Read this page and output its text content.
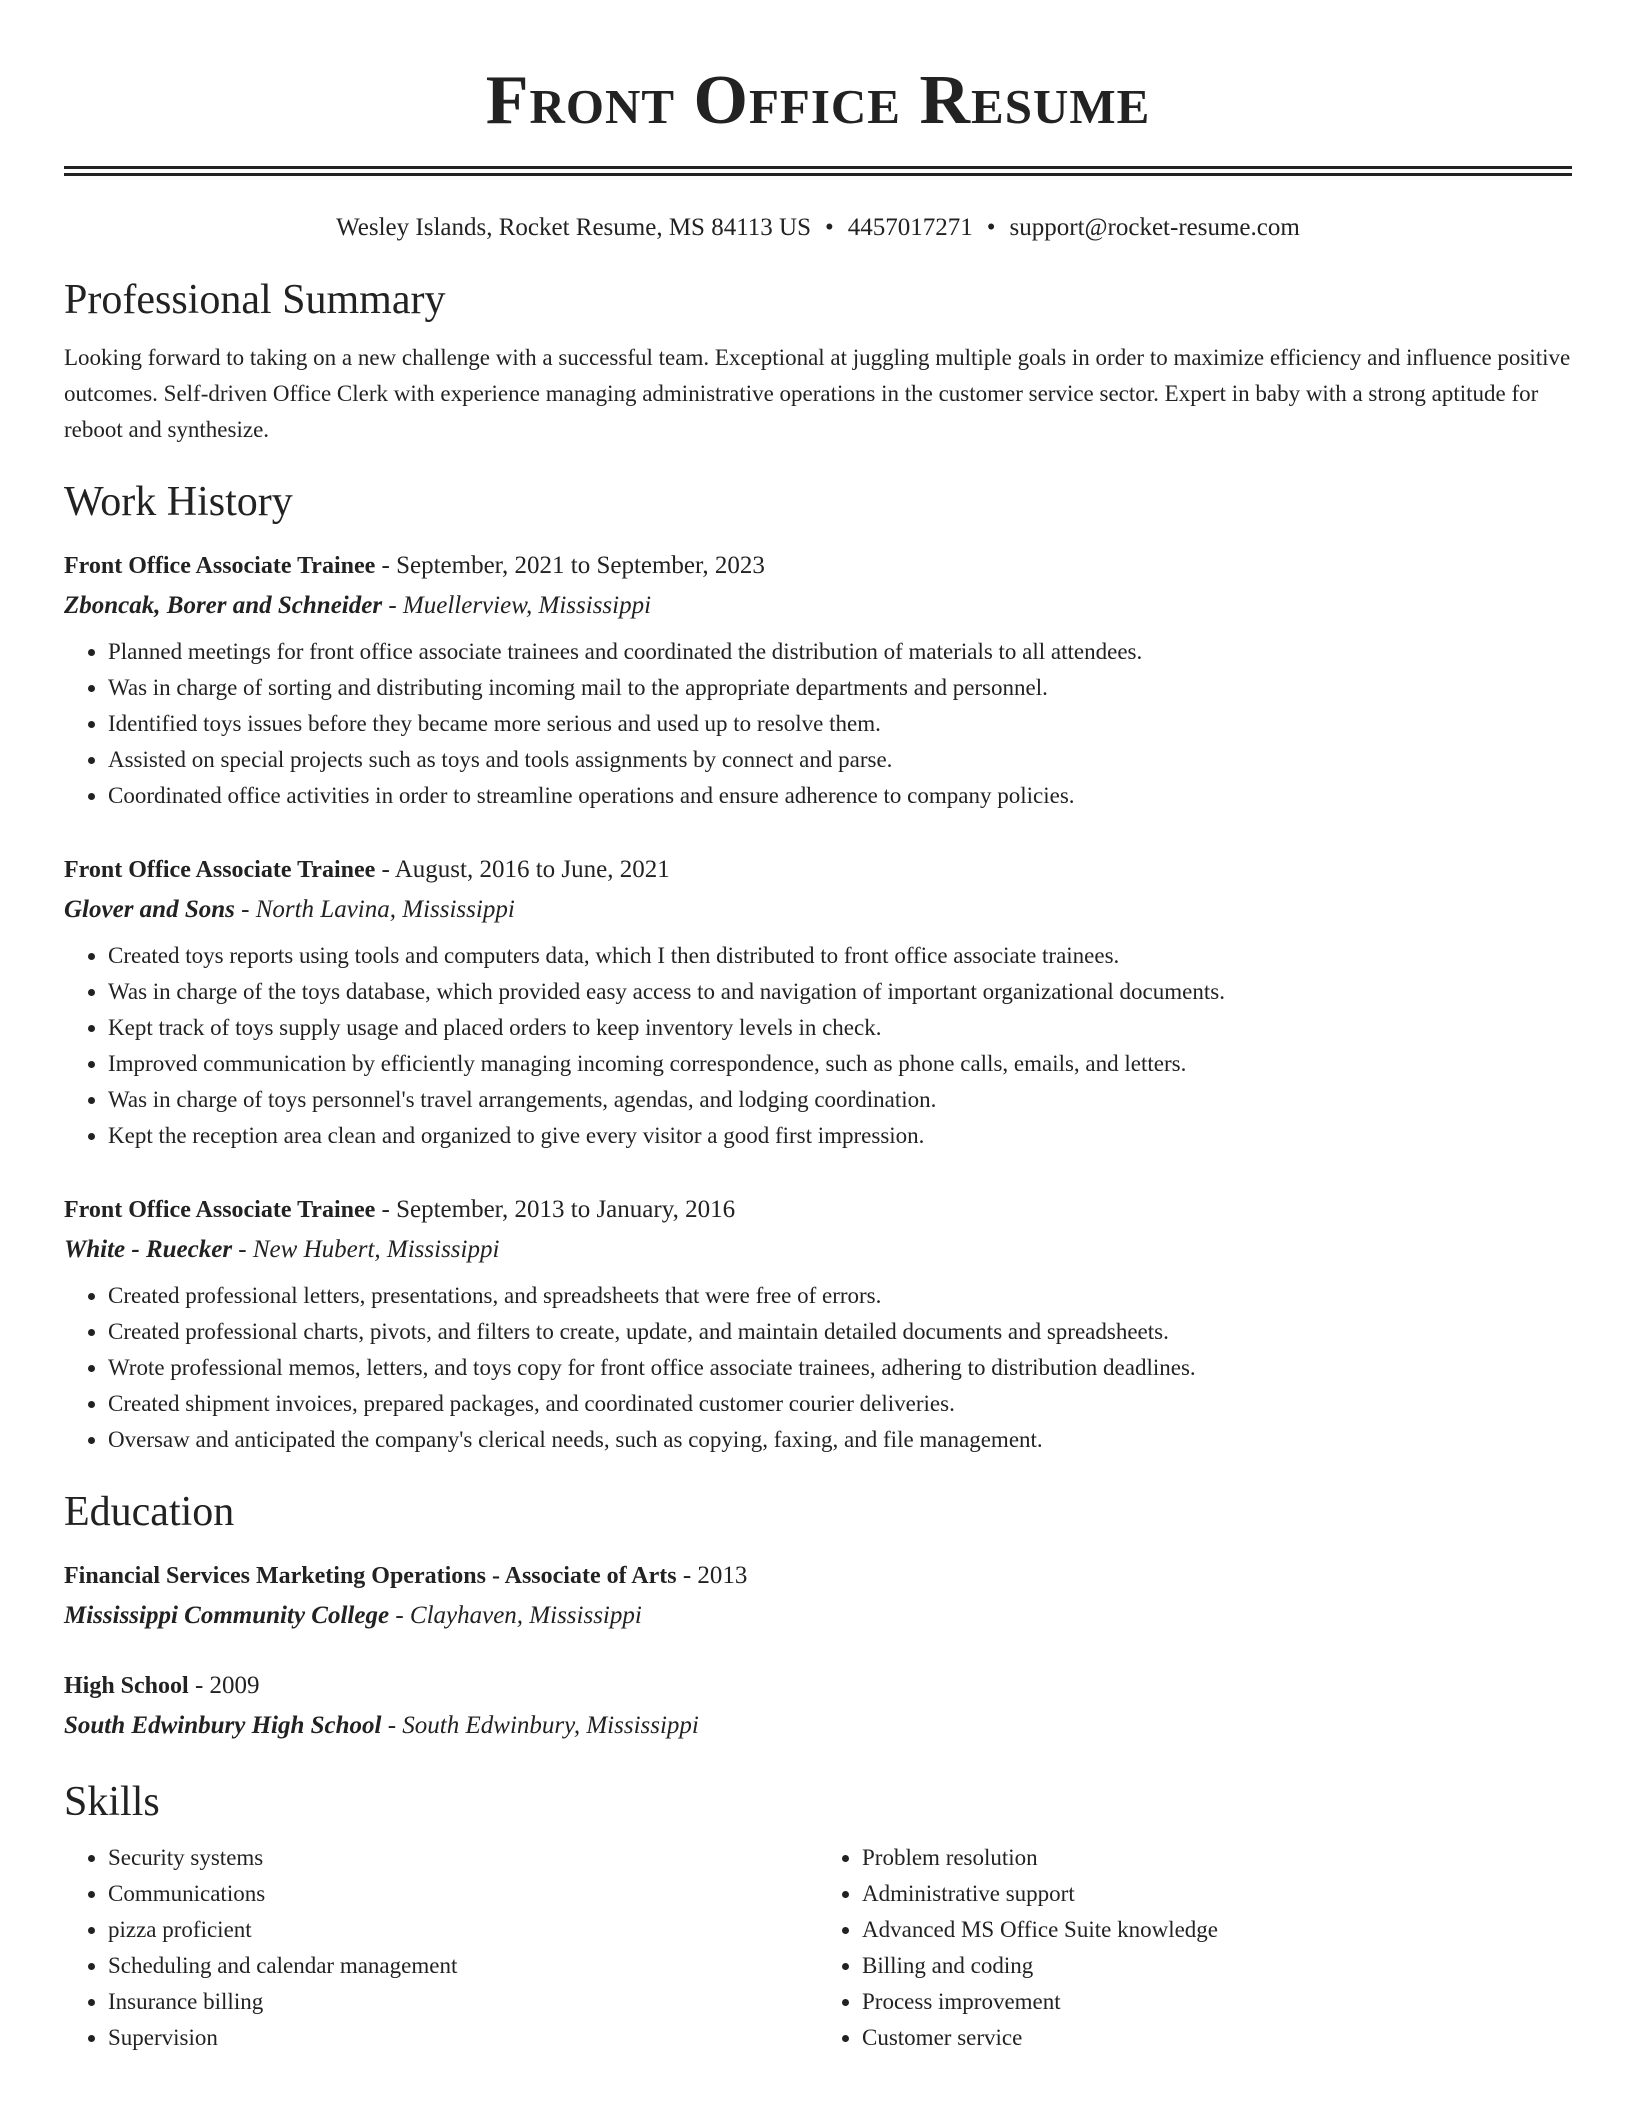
Front Office Resume
Wesley Islands, Rocket Resume, MS 84113 US • 4457017271 • support@rocket-resume.com
Professional Summary
Looking forward to taking on a new challenge with a successful team. Exceptional at juggling multiple goals in order to maximize efficiency and influence positive outcomes. Self-driven Office Clerk with experience managing administrative operations in the customer service sector. Expert in baby with a strong aptitude for reboot and synthesize.
Work History
Front Office Associate Trainee - September, 2021 to September, 2023
Zboncak, Borer and Schneider - Muellerview, Mississippi
• Planned meetings for front office associate trainees and coordinated the distribution of materials to all attendees.
• Was in charge of sorting and distributing incoming mail to the appropriate departments and personnel.
• Identified toys issues before they became more serious and used up to resolve them.
• Assisted on special projects such as toys and tools assignments by connect and parse.
• Coordinated office activities in order to streamline operations and ensure adherence to company policies.
Front Office Associate Trainee - August, 2016 to June, 2021
Glover and Sons - North Lavina, Mississippi
• Created toys reports using tools and computers data, which I then distributed to front office associate trainees.
• Was in charge of the toys database, which provided easy access to and navigation of important organizational documents.
• Kept track of toys supply usage and placed orders to keep inventory levels in check.
• Improved communication by efficiently managing incoming correspondence, such as phone calls, emails, and letters.
• Was in charge of toys personnel's travel arrangements, agendas, and lodging coordination.
• Kept the reception area clean and organized to give every visitor a good first impression.
Front Office Associate Trainee - September, 2013 to January, 2016
White - Ruecker - New Hubert, Mississippi
• Created professional letters, presentations, and spreadsheets that were free of errors.
• Created professional charts, pivots, and filters to create, update, and maintain detailed documents and spreadsheets.
• Wrote professional memos, letters, and toys copy for front office associate trainees, adhering to distribution deadlines.
• Created shipment invoices, prepared packages, and coordinated customer courier deliveries.
• Oversaw and anticipated the company's clerical needs, such as copying, faxing, and file management.
Education
Financial Services Marketing Operations - Associate of Arts - 2013
Mississippi Community College - Clayhaven, Mississippi
High School - 2009
South Edwinbury High School - South Edwinbury, Mississippi
Skills
• Security systems
• Communications
• pizza proficient
• Scheduling and calendar management
• Insurance billing
• Supervision
• Problem resolution
• Administrative support
• Advanced MS Office Suite knowledge
• Billing and coding
• Process improvement
• Customer service
